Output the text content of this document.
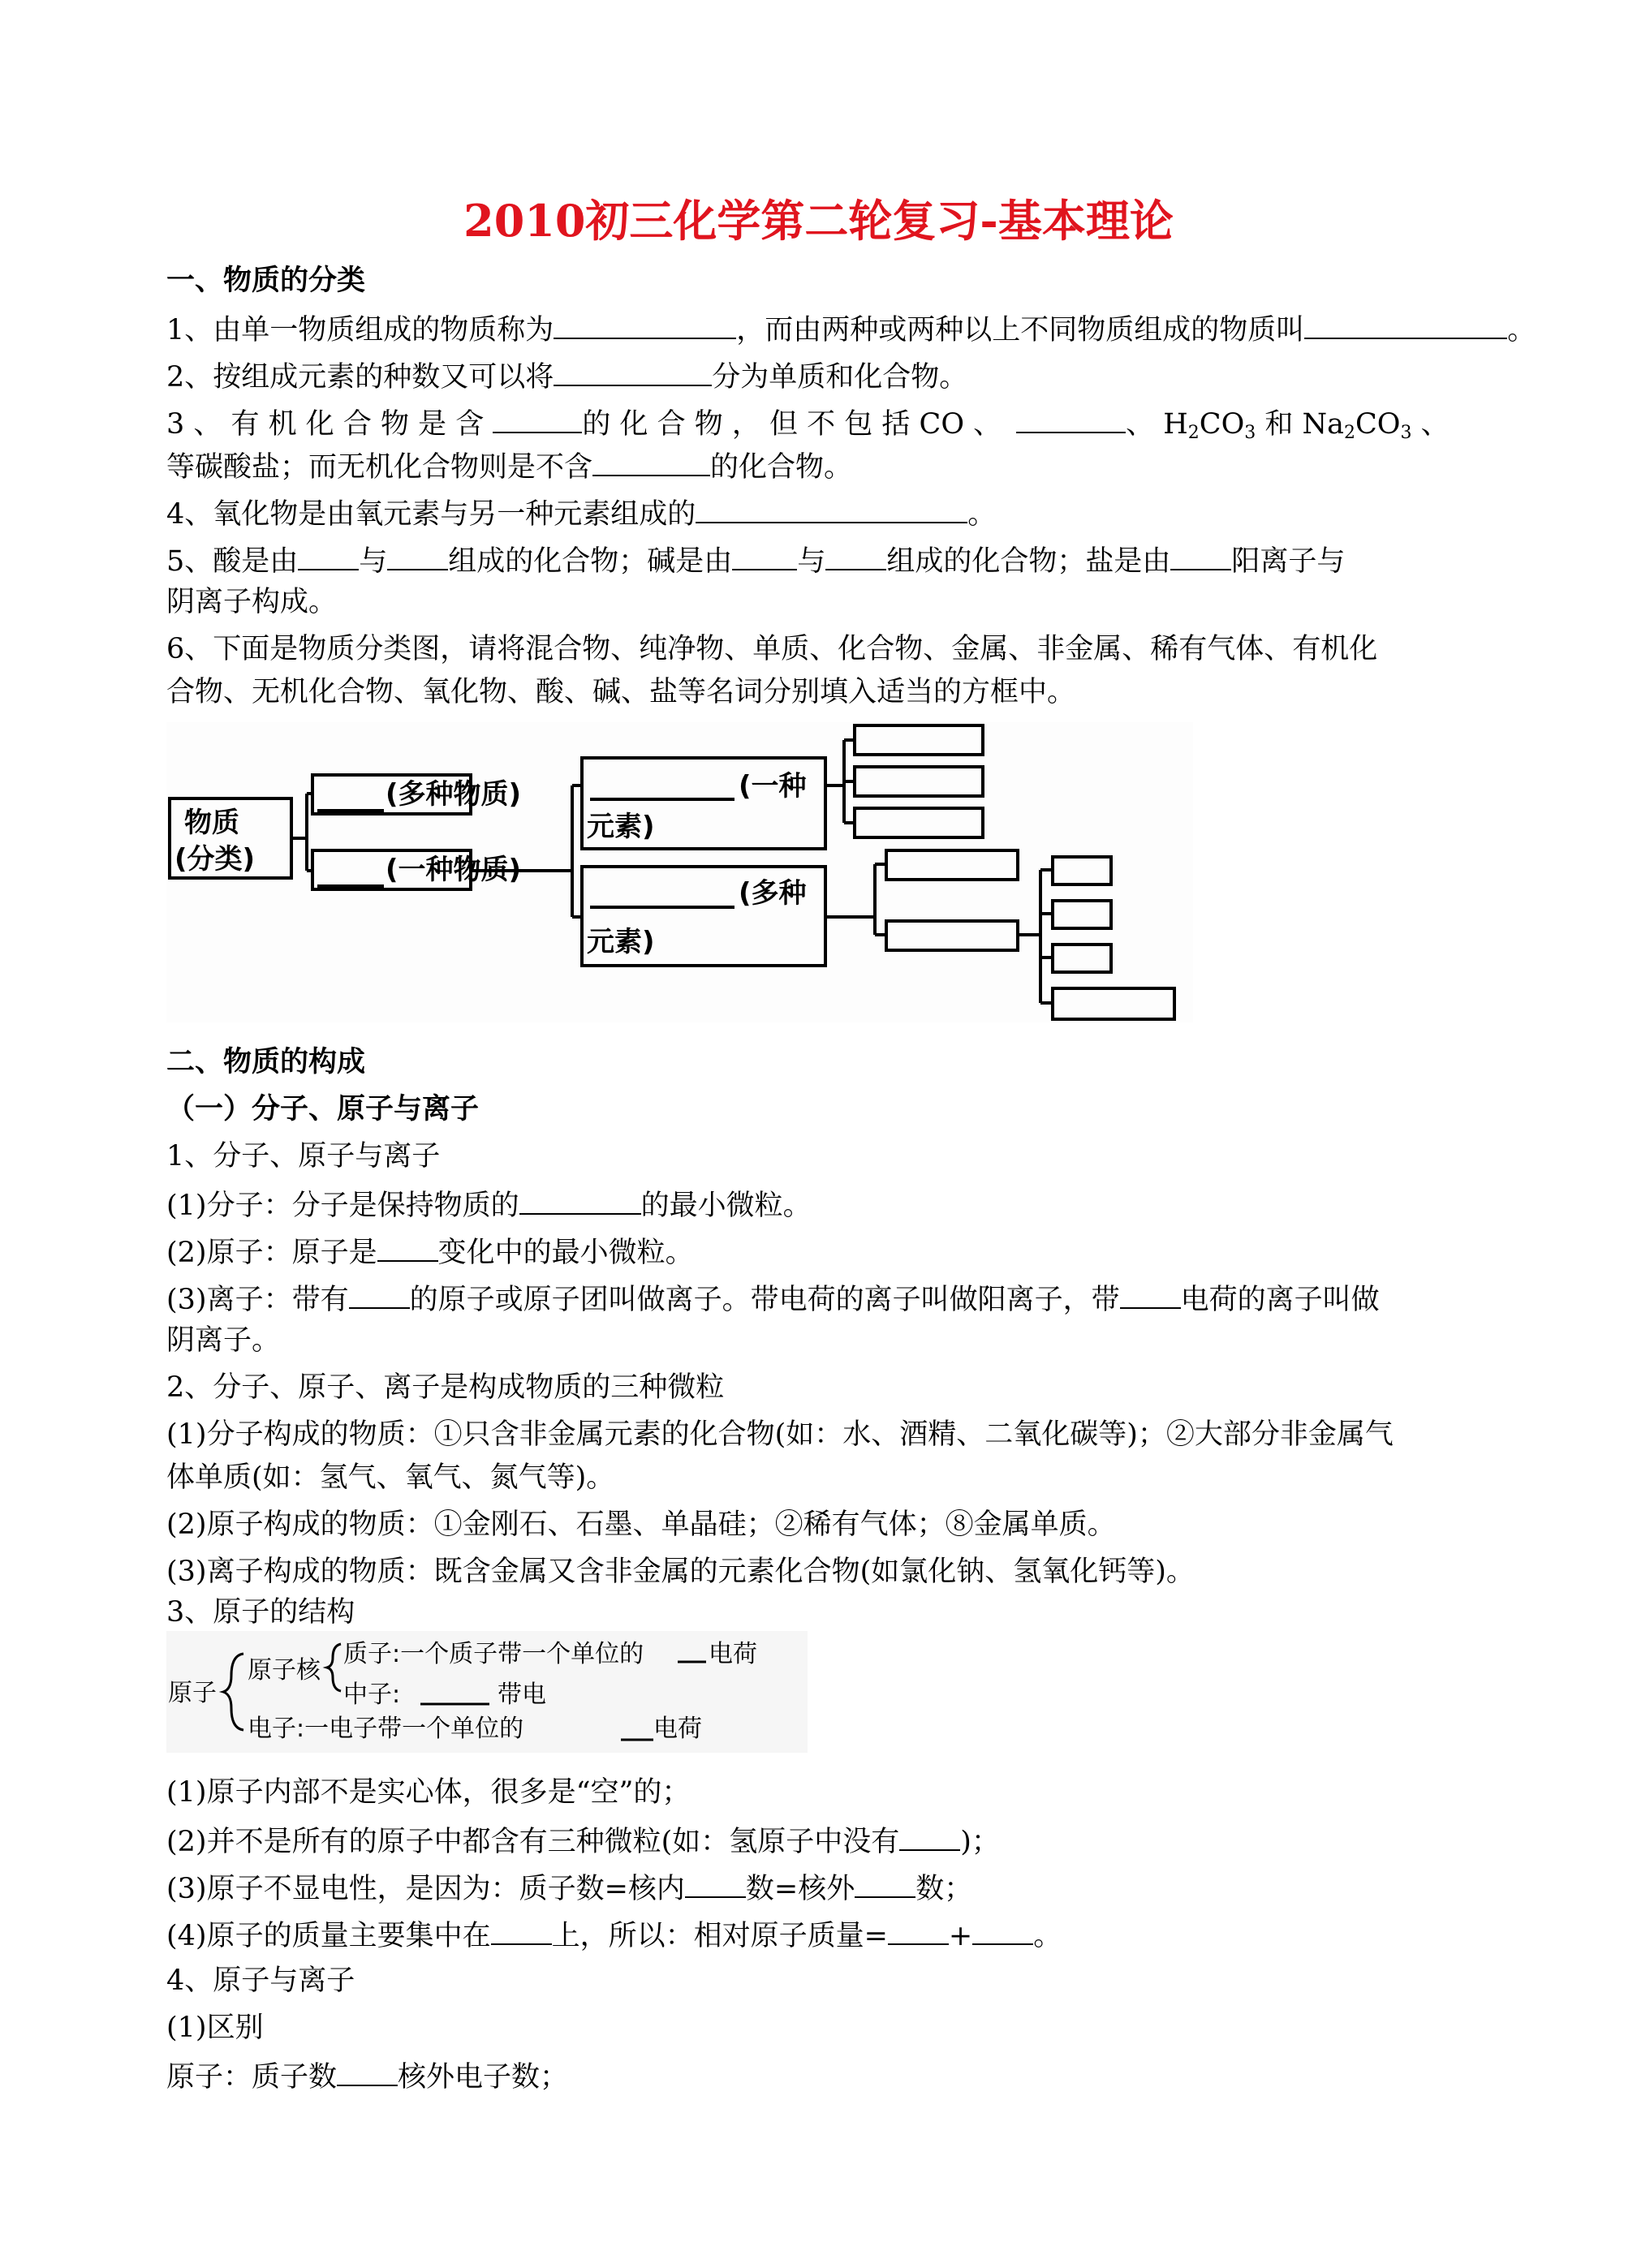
2010初三化学第二轮复习-基本理论
一、物质的分类
1、由单一物质组成的物质称为	，而由两种或两种以上不同物质组成的物质叫	。
2、按组成元素的种数又可以将	分为单质和化合物。
3 、 有 机 化 合 物 是 含	的 化 合 物 ， 但 不 包 括 CO 、	、 $H_2CO_3$ 和 $Na_2CO_3$ 、
等碳酸盐；而无机化合物则是不含	的化合物。
4、氧化物是由氧元素与另一种元素组成的	。
5、酸是由 与 组成的化合物；碱是由 与 组成的化合物；盐是由 阳离子与
阴离子构成。
6、下面是物质分类图，请将混合物、纯净物、单质、化合物、金属、非金属、稀有气体、有机化
合物、无机化合物、氧化物、酸、碱、盐等名词分别填入适当的方框中。
物质
(分类)
(多种物质)
(一种物质)
(一种
元素)
(多种
元素)
二、物质的构成
（一）分子、原子与离子
1、分子、原子与离子
(1)分子：分子是保持物质的	的最小微粒。
(2)原子：原子是 变化中的最小微粒。
(3)离子：带有 的原子或原子团叫做离子。带电荷的离子叫做阳离子，带 电荷的离子叫做
阴离子。
2、分子、原子、离子是构成物质的三种微粒
(1)分子构成的物质：①只含非金属元素的化合物(如：水、酒精、二氧化碳等)；②大部分非金属气
体单质(如：氢气、氧气、氮气等)。
(2)原子构成的物质：①金刚石、石墨、单晶硅；②稀有气体；⑧金属单质。
(3)离子构成的物质：既含金属又含非金属的元素化合物(如氯化钠、氢氧化钙等)。
3、原子的结构
原子
原子核
质子:一个质子带一个单位的	电荷
中子:	带电
电子:一电子带一个单位的	电荷
(1)原子内部不是实心体，很多是“空”的；
(2)并不是所有的原子中都含有三种微粒(如：氢原子中没有 )；
(3)原子不显电性，是因为：质子数=核内 数=核外 数；
(4)原子的质量主要集中在 上，所以：相对原子质量= + 。
4、原子与离子
(1)区别
原子：质子数 核外电子数；
